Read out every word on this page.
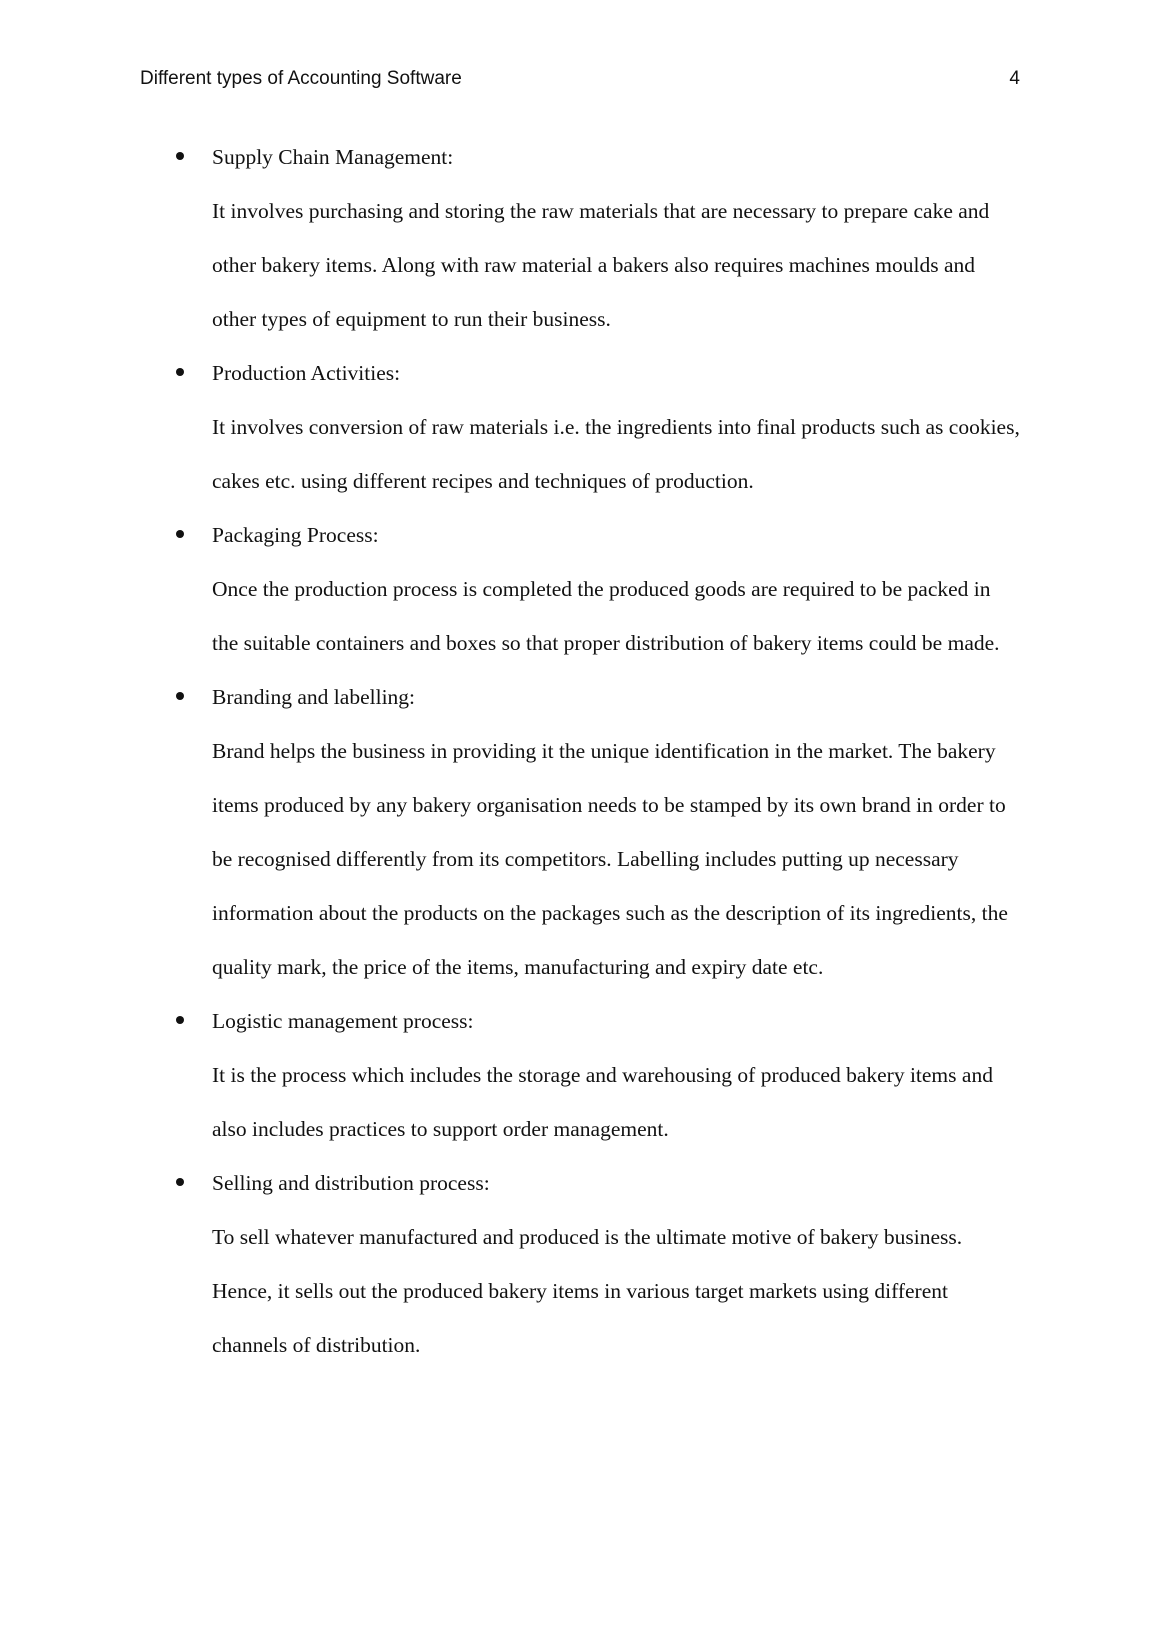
Different types of Accounting Software	4
Supply Chain Management:
It involves purchasing and storing the raw materials that are necessary to prepare cake and other bakery items. Along with raw material a bakers also requires machines moulds and other types of equipment to run their business.
Production Activities:
It involves conversion of raw materials i.e. the ingredients into final products such as cookies, cakes etc. using different recipes and techniques of production.
Packaging Process:
Once the production process is completed the produced goods are required to be packed in the suitable containers and boxes so that proper distribution of bakery items could be made.
Branding and labelling:
Brand helps the business in providing it the unique identification in the market. The bakery items produced by any bakery organisation needs to be stamped by its own brand in order to be recognised differently from its competitors. Labelling includes putting up necessary information about the products on the packages such as the description of its ingredients, the quality mark, the price of the items, manufacturing and expiry date etc.
Logistic management process:
It is the process which includes the storage and warehousing of produced bakery items and also includes practices to support order management.
Selling and distribution process:
To sell whatever manufactured and produced is the ultimate motive of bakery business. Hence, it sells out the produced bakery items in various target markets using different channels of distribution.
